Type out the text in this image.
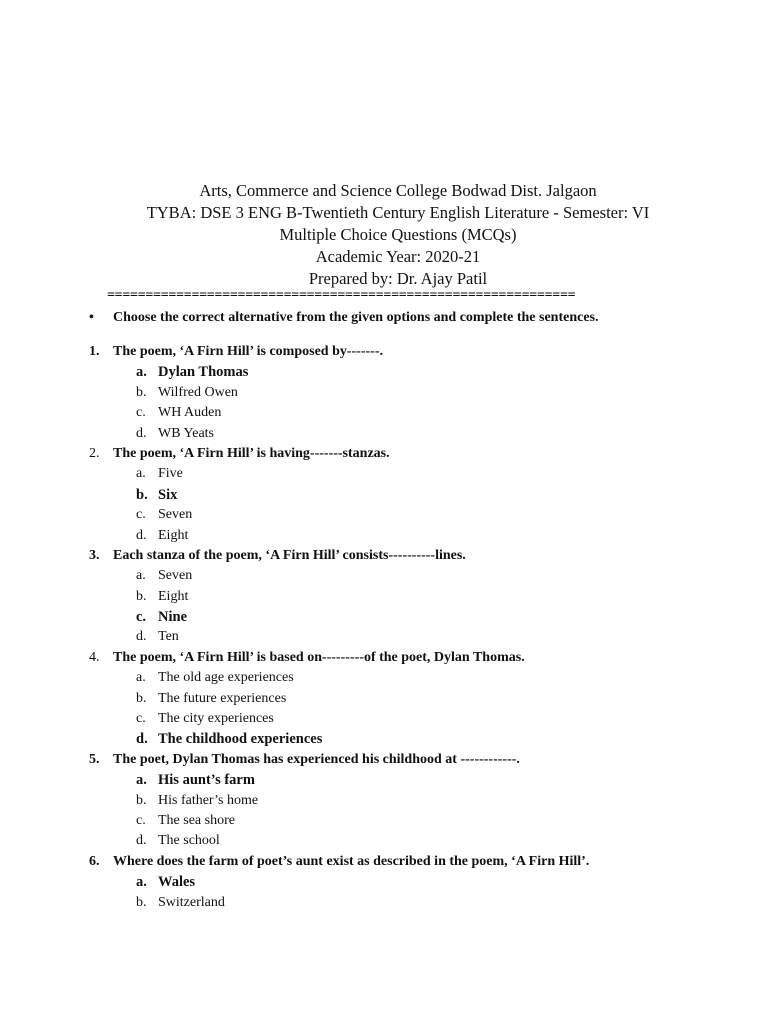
Arts, Commerce and Science College Bodwad Dist. Jalgaon
TYBA: DSE 3 ENG B-Twentieth Century English Literature - Semester: VI
Multiple Choice Questions (MCQs)
Academic Year: 2020-21
Prepared by: Dr. Ajay Patil
=============================================================
• Choose the correct alternative from the given options and complete the sentences.
1. The poem, ‘A Firn Hill’ is composed by-------.
a. Dylan Thomas
b. Wilfred Owen
c. WH Auden
d. WB Yeats
2. The poem, ‘A Firn Hill’ is having-------stanzas.
a. Five
b. Six
c. Seven
d. Eight
3. Each stanza of the poem, ‘A Firn Hill’ consists----------lines.
a. Seven
b. Eight
c. Nine
d. Ten
4. The poem, ‘A Firn Hill’ is based on---------of the poet, Dylan Thomas.
a. The old age experiences
b. The future experiences
c. The city experiences
d. The childhood experiences
5. The poet, Dylan Thomas has experienced his childhood at ------------.
a. His aunt’s farm
b. His father’s home
c. The sea shore
d. The school
6. Where does the farm of poet’s aunt exist as described in the poem, ‘A Firn Hill’.
a. Wales
b. Switzerland
